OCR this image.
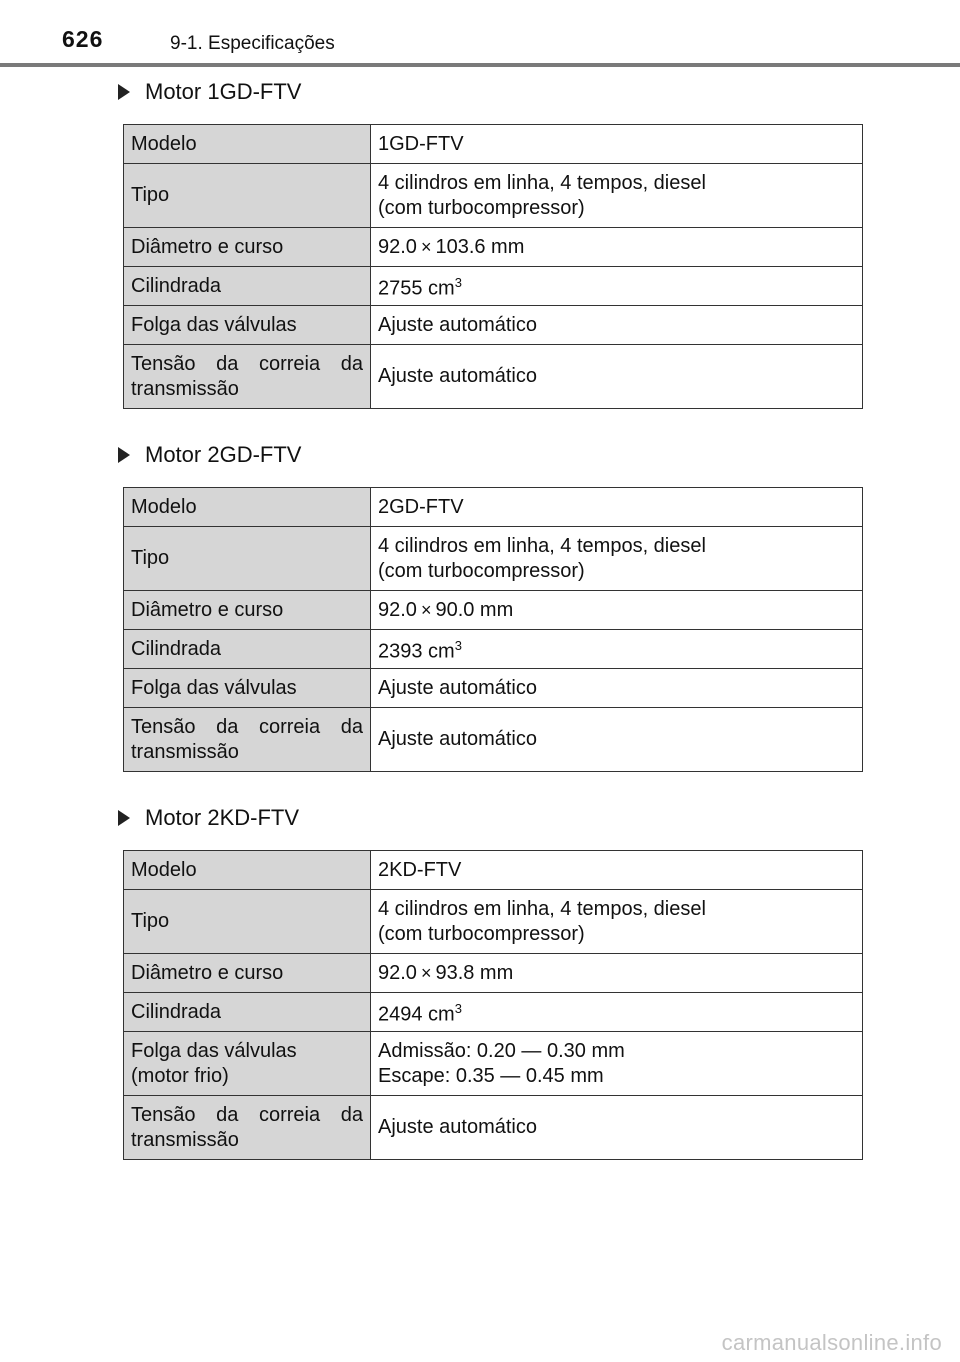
626	9-1. Especificações
Motor 1GD-FTV
Modelo	1GD-FTV
Tipo	4 cilindros em linha, 4 tempos, diesel
(com turbocompressor)
Diâmetro e curso	92.0 × 103.6 mm
Cilindrada	2755 $cm^3$
Folga das válvulas	Ajuste automático
Tensão da correia da transmissão	Ajuste automático
Motor 2GD-FTV
Modelo	2GD-FTV
Tipo	4 cilindros em linha, 4 tempos, diesel
(com turbocompressor)
Diâmetro e curso	92.0 × 90.0 mm
Cilindrada	2393 $cm^3$
Folga das válvulas	Ajuste automático
Tensão da correia da transmissão	Ajuste automático
Motor 2KD-FTV
Modelo	2KD-FTV
Tipo	4 cilindros em linha, 4 tempos, diesel
(com turbocompressor)
Diâmetro e curso	92.0 × 93.8 mm
Cilindrada	2494 $cm^3$
Folga das válvulas
(motor frio)	Admissão: 0.20 — 0.30 mm
Escape: 0.35 — 0.45 mm
Tensão da correia da transmissão	Ajuste automático
carmanualsonline.info
